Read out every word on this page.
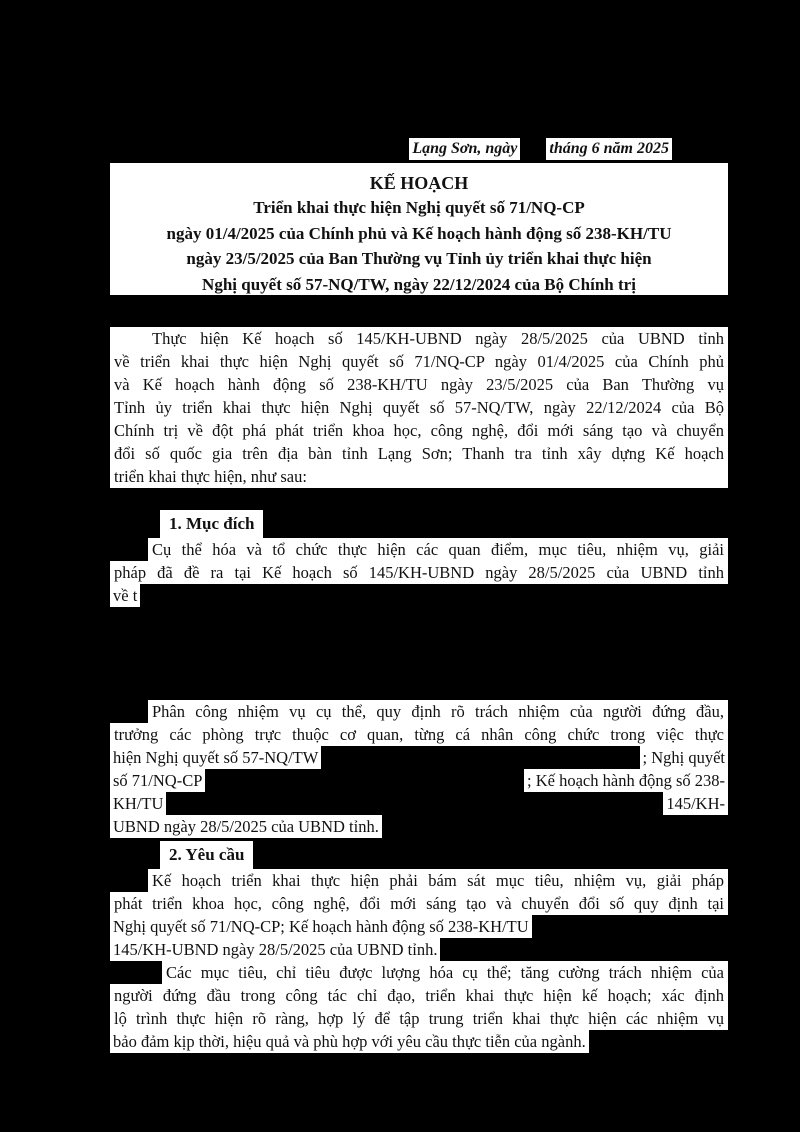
Lạng Sơn, ngày tháng 6 năm 2025
KẾ HOẠCH
Triển khai thực hiện Nghị quyết số 71/NQ-CP
ngày 01/4/2025 của Chính phủ và Kế hoạch hành động số 238-KH/TU
ngày 23/5/2025 của Ban Thường vụ Tỉnh ủy triển khai thực hiện
Nghị quyết số 57-NQ/TW, ngày 22/12/2024 của Bộ Chính trị
Thực hiện Kế hoạch số 145/KH-UBND ngày 28/5/2025 của UBND tỉnh
về triển khai thực hiện Nghị quyết số 71/NQ-CP ngày 01/4/2025 của Chính phủ
và Kế hoạch hành động số 238-KH/TU ngày 23/5/2025 của Ban Thường vụ
Tỉnh ủy triển khai thực hiện Nghị quyết số 57-NQ/TW, ngày 22/12/2024 của Bộ
Chính trị về đột phá phát triển khoa học, công nghệ, đổi mới sáng tạo và chuyển
đổi số quốc gia trên địa bàn tỉnh Lạng Sơn; Thanh tra tỉnh xây dựng Kế hoạch
triển khai thực hiện, như sau:
1. Mục đích
Cụ thể hóa và tổ chức thực hiện các quan điểm, mục tiêu, nhiệm vụ, giải
pháp đã đề ra tại Kế hoạch số 145/KH-UBND ngày 28/5/2025 của UBND tỉnh
về t
Phân công nhiệm vụ cụ thể, quy định rõ trách nhiệm của người đứng đầu,
trưởng các phòng trực thuộc cơ quan, từng cá nhân công chức trong việc thực
hiện Nghị quyết số 57-NQ/TW	; Nghị quyết
số 71/NQ-CP	; Kế hoạch hành động số 238-
KH/TU	145/KH-
UBND ngày 28/5/2025 của UBND tỉnh.
2. Yêu cầu
Kế hoạch triển khai thực hiện phải bám sát mục tiêu, nhiệm vụ, giải pháp
phát triển khoa học, công nghệ, đổi mới sáng tạo và chuyển đổi số quy định tại
Nghị quyết số 71/NQ-CP; Kế hoạch hành động số 238-KH/TU
145/KH-UBND ngày 28/5/2025 của UBND tỉnh.
Các mục tiêu, chỉ tiêu được lượng hóa cụ thể; tăng cường trách nhiệm của
người đứng đầu trong công tác chỉ đạo, triển khai thực hiện kế hoạch; xác định
lộ trình thực hiện rõ ràng, hợp lý để tập trung triển khai thực hiện các nhiệm vụ
bảo đảm kịp thời, hiệu quả và phù hợp với yêu cầu thực tiễn của ngành.
